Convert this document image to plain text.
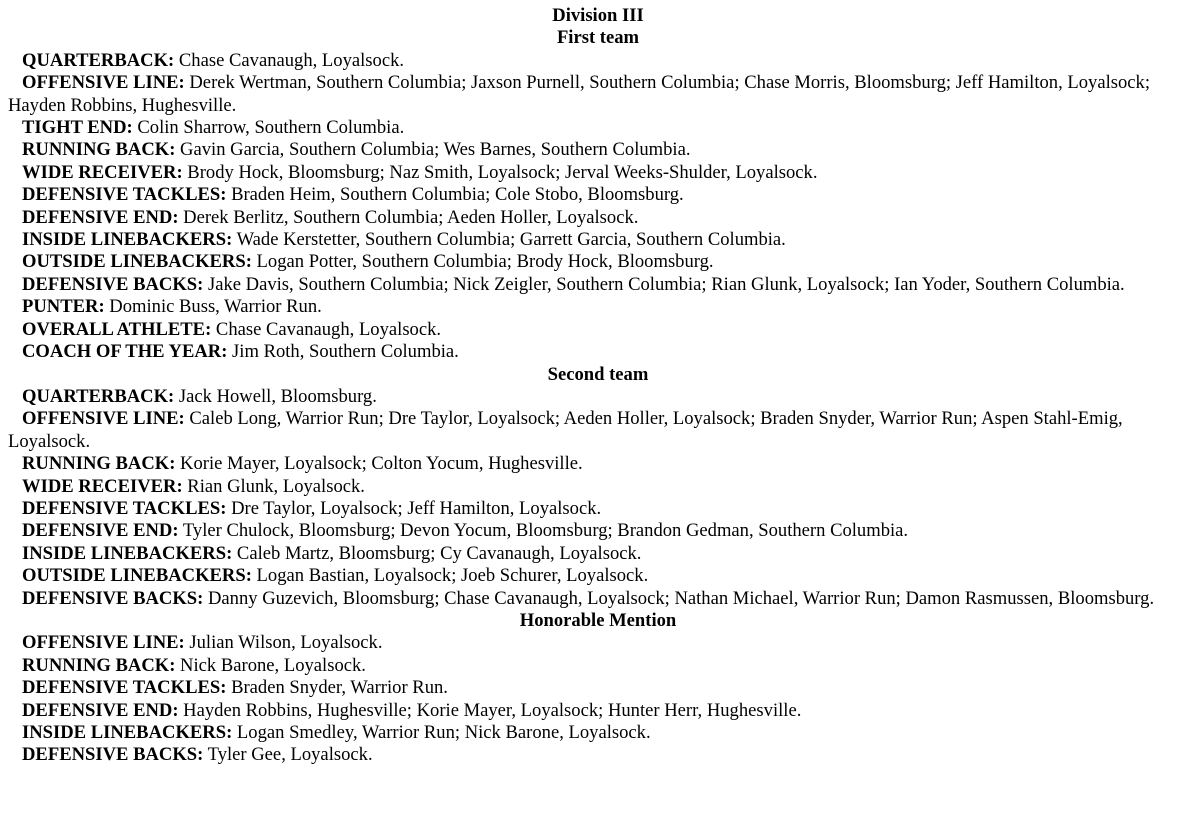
Division III

First team

QUARTERBACK: Chase Cavanaugh, Loyalsock.

OFFENSIVE LINE: Derek Wertman, Southern Columbia; Jaxson Purnell, Southern Columbia; Chase Morris, Bloomsburg; Jeff Hamilton, Loyalsock; Hayden Robbins, Hughesville.

TIGHT END: Colin Sharrow, Southern Columbia.

RUNNING BACK: Gavin Garcia, Southern Columbia; Wes Barnes, Southern Columbia.

WIDE RECEIVER: Brody Hock, Bloomsburg; Naz Smith, Loyalsock; Jerval Weeks-Shulder, Loyalsock.

DEFENSIVE TACKLES: Braden Heim, Southern Columbia; Cole Stobo, Bloomsburg.

DEFENSIVE END: Derek Berlitz, Southern Columbia; Aeden Holler, Loyalsock.

INSIDE LINEBACKERS: Wade Kerstetter, Southern Columbia; Garrett Garcia, Southern Columbia.

OUTSIDE LINEBACKERS: Logan Potter, Southern Columbia; Brody Hock, Bloomsburg.

DEFENSIVE BACKS: Jake Davis, Southern Columbia; Nick Zeigler, Southern Columbia; Rian Glunk, Loyalsock; Ian Yoder, Southern Columbia.

PUNTER: Dominic Buss, Warrior Run.

OVERALL ATHLETE: Chase Cavanaugh, Loyalsock.

COACH OF THE YEAR: Jim Roth, Southern Columbia.

Second team

QUARTERBACK: Jack Howell, Bloomsburg.

OFFENSIVE LINE: Caleb Long, Warrior Run; Dre Taylor, Loyalsock; Aeden Holler, Loyalsock; Braden Snyder, Warrior Run; Aspen Stahl-Emig, Loyalsock.

RUNNING BACK: Korie Mayer, Loyalsock; Colton Yocum, Hughesville.

WIDE RECEIVER: Rian Glunk, Loyalsock.

DEFENSIVE TACKLES: Dre Taylor, Loyalsock; Jeff Hamilton, Loyalsock.

DEFENSIVE END: Tyler Chulock, Bloomsburg; Devon Yocum, Bloomsburg; Brandon Gedman, Southern Columbia.

INSIDE LINEBACKERS: Caleb Martz, Bloomsburg; Cy Cavanaugh, Loyalsock.

OUTSIDE LINEBACKERS: Logan Bastian, Loyalsock; Joeb Schurer, Loyalsock.

DEFENSIVE BACKS: Danny Guzevich, Bloomsburg; Chase Cavanaugh, Loyalsock; Nathan Michael, Warrior Run; Damon Rasmussen, Bloomsburg.

Honorable Mention

OFFENSIVE LINE: Julian Wilson, Loyalsock.

RUNNING BACK: Nick Barone, Loyalsock.

DEFENSIVE TACKLES: Braden Snyder, Warrior Run.

DEFENSIVE END: Hayden Robbins, Hughesville; Korie Mayer, Loyalsock; Hunter Herr, Hughesville.

INSIDE LINEBACKERS: Logan Smedley, Warrior Run; Nick Barone, Loyalsock.

DEFENSIVE BACKS: Tyler Gee, Loyalsock.
